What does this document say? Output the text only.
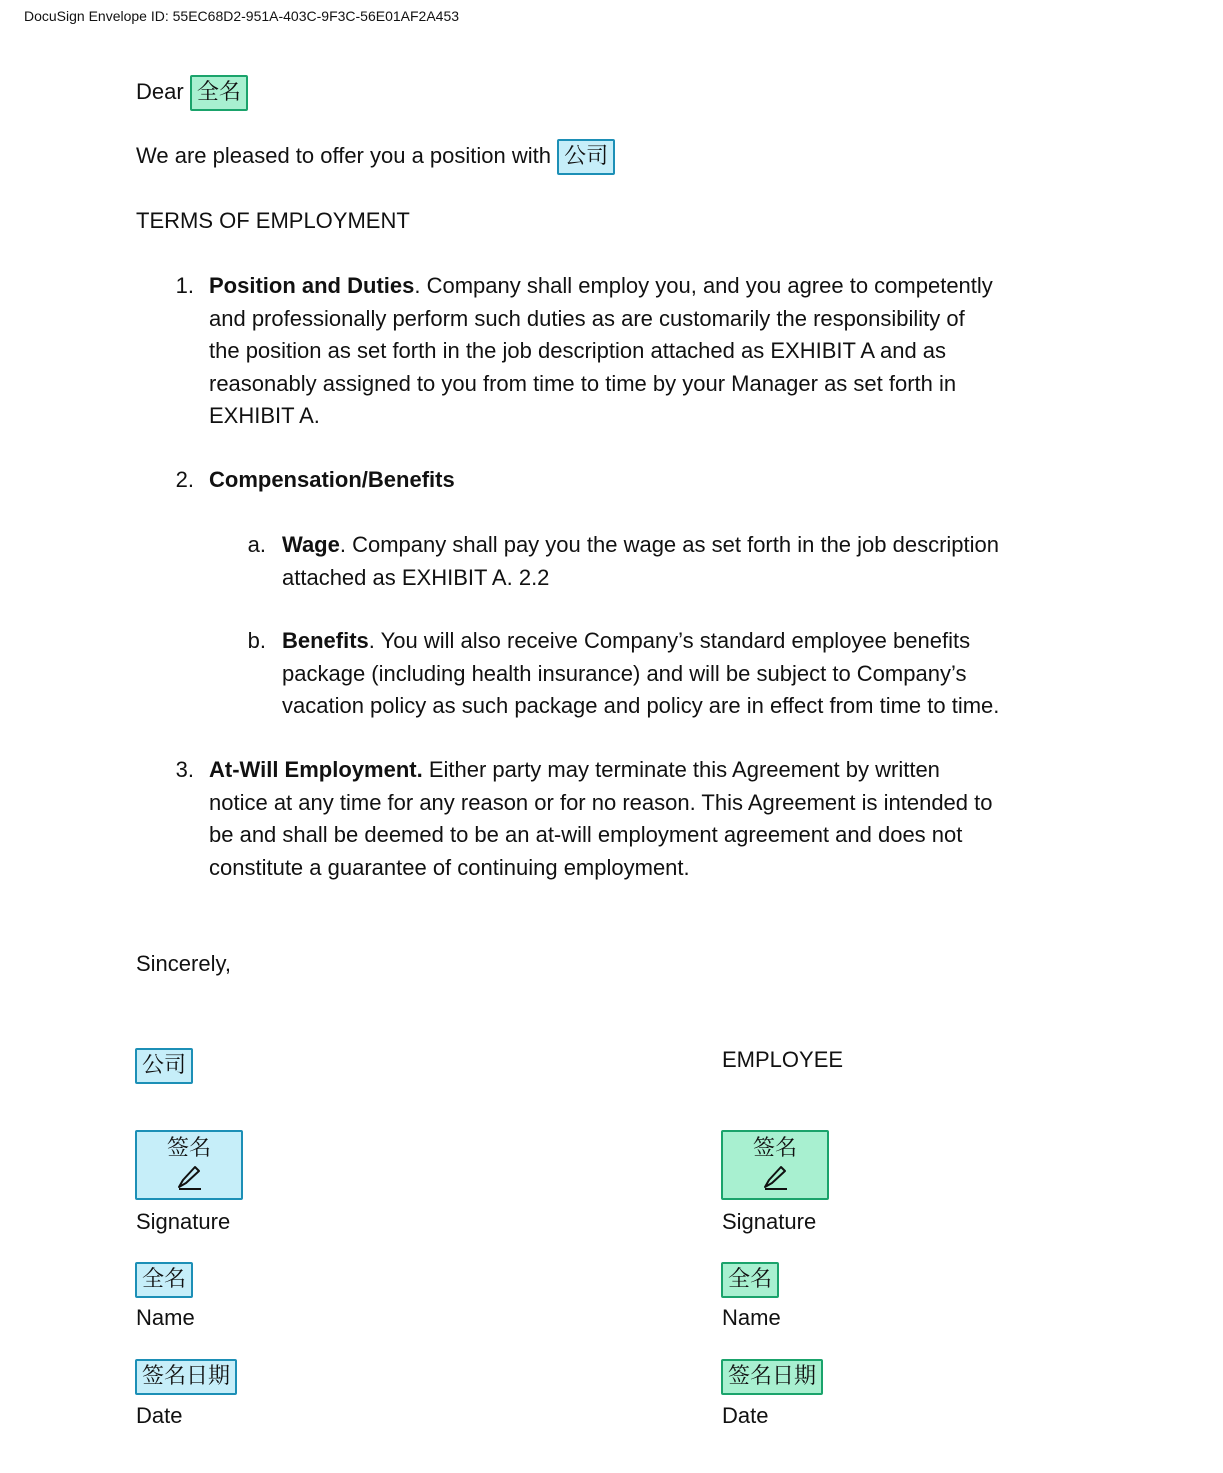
DocuSign Envelope ID: 55EC68D2-951A-403C-9F3C-56E01AF2A453
Dear 全名
We are pleased to offer you a position with 公司
TERMS OF EMPLOYMENT
1. Position and Duties. Company shall employ you, and you agree to competently
and professionally perform such duties as are customarily the responsibility of
the position as set forth in the job description attached as EXHIBIT A and as
reasonably assigned to you from time to time by your Manager as set forth in
EXHIBIT A.
2. Compensation/Benefits
a. Wage. Company shall pay you the wage as set forth in the job description
attached as EXHIBIT A. 2.2
b. Benefits. You will also receive Company’s standard employee benefits
package (including health insurance) and will be subject to Company’s
vacation policy as such package and policy are in effect from time to time.
3. At-Will Employment. Either party may terminate this Agreement by written
notice at any time for any reason or for no reason. This Agreement is intended to
be and shall be deemed to be an at-will employment agreement and does not
constitute a guarantee of continuing employment.
Sincerely,
公司
签名
Signature
全名
Name
签名日期
Date
EMPLOYEE
签名
Signature
全名
Name
签名日期
Date
